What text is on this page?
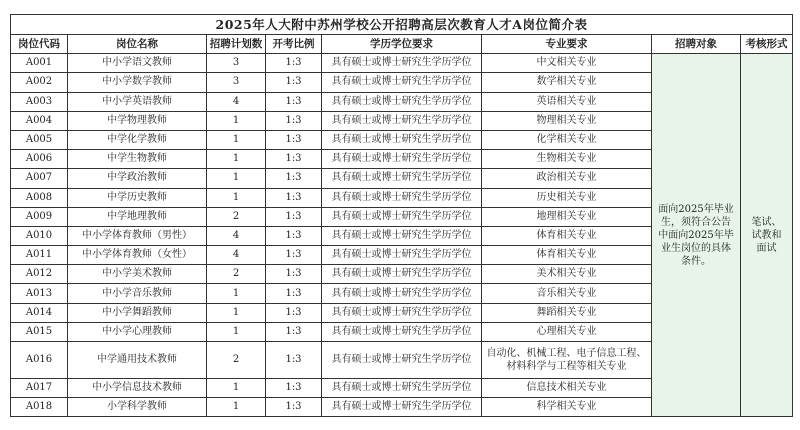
2025年人大附中苏州学校公开招聘高层次教育人才A岗位简介表							
岗位代码	岗位名称	招聘计划数	开考比例	学历学位要求	专业要求	招聘对象	考核形式
A001	中小学语文教师	3	1:3	具有硕士或博士研究生学历学位	中文相关专业	面向2025年毕业生，须符合公告中面向2025年毕业生岗位的具体条件。	笔试、试教和面试
A002	中小学数学教师	3	1:3	具有硕士或博士研究生学历学位	数学相关专业		
A003	中小学英语教师	4	1:3	具有硕士或博士研究生学历学位	英语相关专业		
A004	中学物理教师	1	1:3	具有硕士或博士研究生学历学位	物理相关专业		
A005	中学化学教师	1	1:3	具有硕士或博士研究生学历学位	化学相关专业		
A006	中学生物教师	1	1:3	具有硕士或博士研究生学历学位	生物相关专业		
A007	中学政治教师	1	1:3	具有硕士或博士研究生学历学位	政治相关专业		
A008	中学历史教师	1	1:3	具有硕士或博士研究生学历学位	历史相关专业		
A009	中学地理教师	2	1:3	具有硕士或博士研究生学历学位	地理相关专业		
A010	中小学体育教师（男性）	4	1:3	具有硕士或博士研究生学历学位	体育相关专业		
A011	中小学体育教师（女性）	4	1:3	具有硕士或博士研究生学历学位	体育相关专业		
A012	中小学美术教师	2	1:3	具有硕士或博士研究生学历学位	美术相关专业		
A013	中小学音乐教师	1	1:3	具有硕士或博士研究生学历学位	音乐相关专业		
A014	中小学舞蹈教师	1	1:3	具有硕士或博士研究生学历学位	舞蹈相关专业		
A015	中小学心理教师	1	1:3	具有硕士或博士研究生学历学位	心理相关专业		
A016	中学通用技术教师	2	1:3	具有硕士或博士研究生学历学位	自动化、机械工程、电子信息工程、材料科学与工程等相关专业		
A017	中小学信息技术教师	1	1:3	具有硕士或博士研究生学历学位	信息技术相关专业		
A018	小学科学教师	1	1:3	具有硕士或博士研究生学历学位	科学相关专业		
